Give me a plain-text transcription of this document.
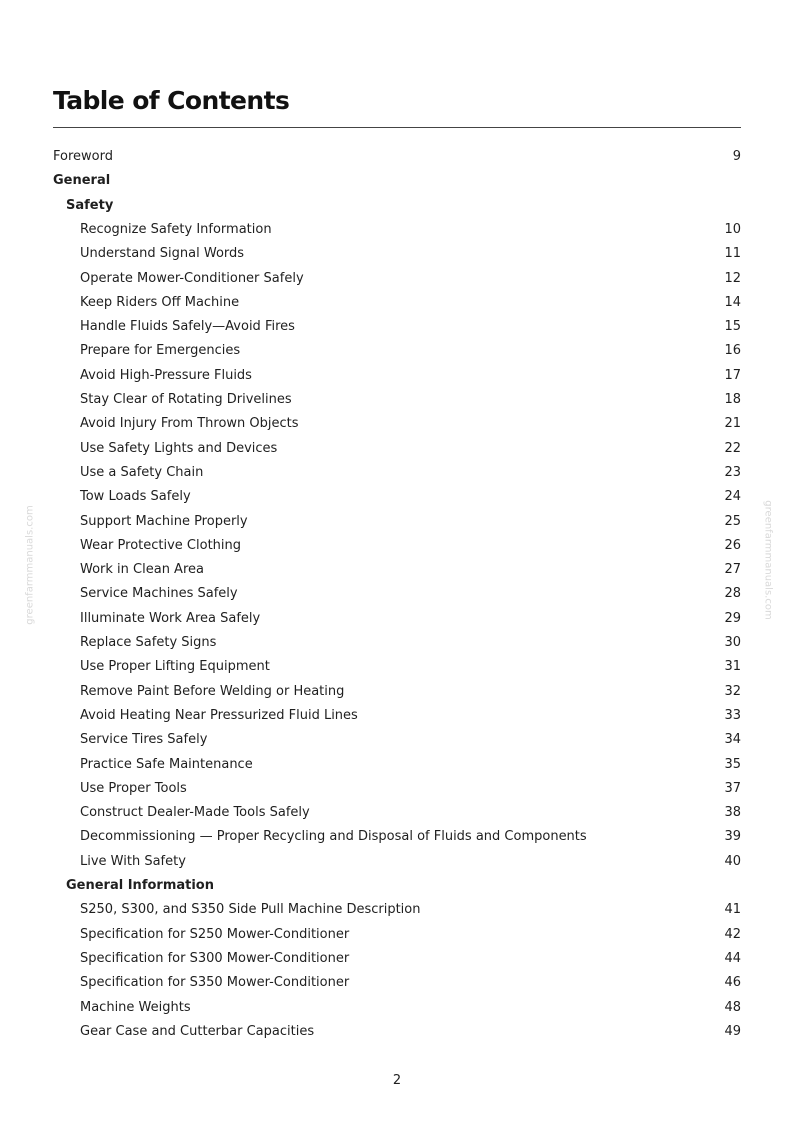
Table of Contents
Foreword	9
General
Safety
Recognize Safety Information	10
Understand Signal Words	11
Operate Mower-Conditioner Safely	12
Keep Riders Off Machine	14
Handle Fluids Safely—Avoid Fires	15
Prepare for Emergencies	16
Avoid High-Pressure Fluids	17
Stay Clear of Rotating Drivelines	18
Avoid Injury From Thrown Objects	21
Use Safety Lights and Devices	22
Use a Safety Chain	23
Tow Loads Safely	24
Support Machine Properly	25
Wear Protective Clothing	26
Work in Clean Area	27
Service Machines Safely	28
Illuminate Work Area Safely	29
Replace Safety Signs	30
Use Proper Lifting Equipment	31
Remove Paint Before Welding or Heating	32
Avoid Heating Near Pressurized Fluid Lines	33
Service Tires Safely	34
Practice Safe Maintenance	35
Use Proper Tools	37
Construct Dealer-Made Tools Safely	38
Decommissioning — Proper Recycling and Disposal of Fluids and Components	39
Live With Safety	40
General Information
S250, S300, and S350 Side Pull Machine Description	41
Specification for S250 Mower-Conditioner	42
Specification for S300 Mower-Conditioner	44
Specification for S350 Mower-Conditioner	46
Machine Weights	48
Gear Case and Cutterbar Capacities	49
greenfarmmanuals.com	greenfarmmanuals.com
2
